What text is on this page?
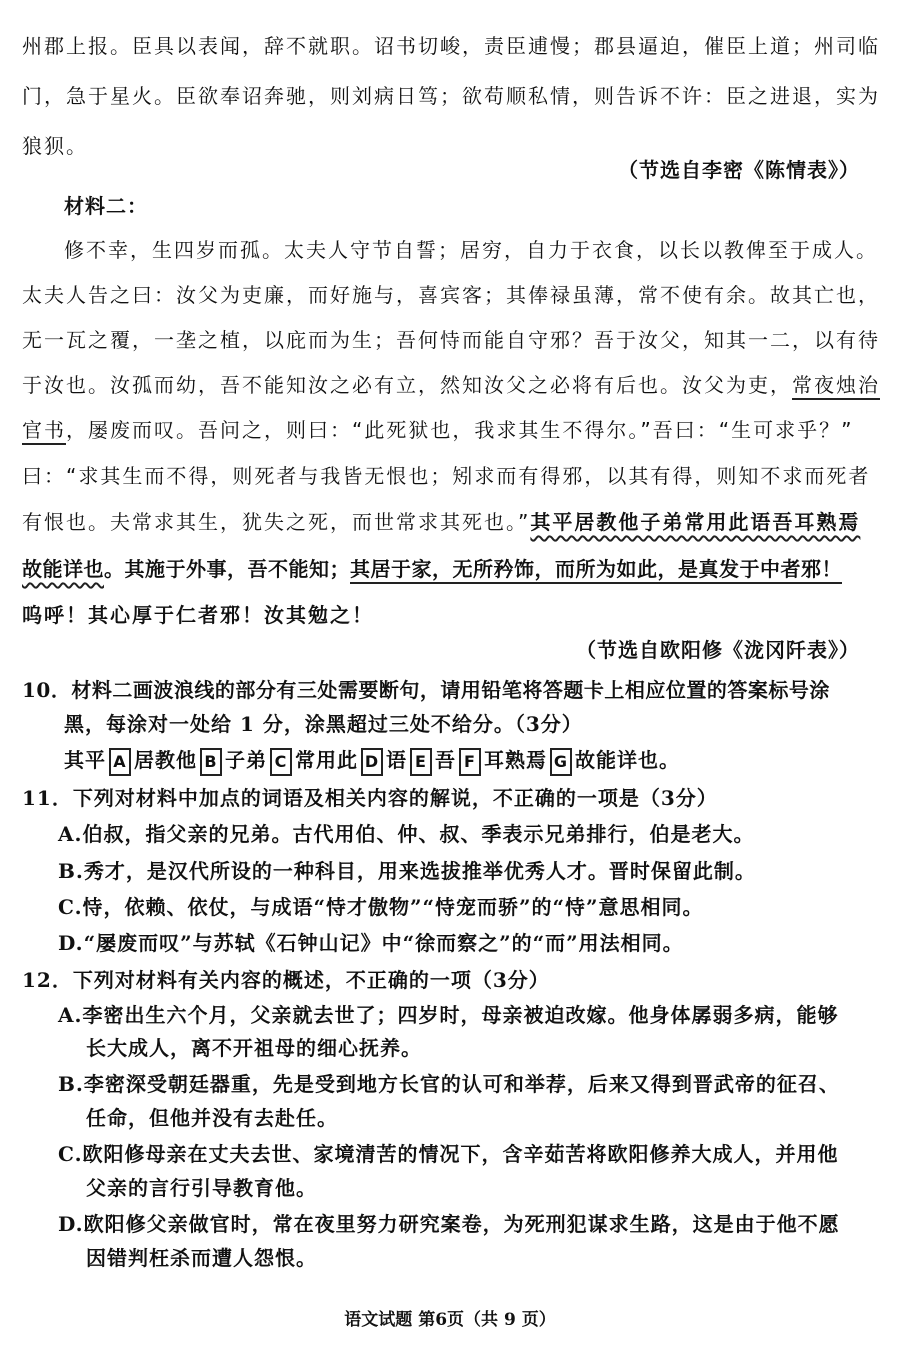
州郡上报。臣具以表闻，辞不就职。诏书切峻，责臣逋慢；郡县逼迫，催臣上道；州司临
门，急于星火。臣欲奉诏奔驰，则刘病日笃；欲苟顺私情，则告诉不许：臣之进退，实为
狼狈。
（节选自李密《陈情表》）
材料二：
修不幸，生四岁而孤。太夫人守节自誓；居穷，自力于衣食，以长以教俾至于成人。
太夫人告之曰：汝父为吏廉，而好施与，喜宾客；其俸禄虽薄，常不使有余。故其亡也，
无一瓦之覆，一垄之植，以庇而为生；吾何恃而能自守邪？吾于汝父，知其一二，以有待
于汝也。汝孤而幼，吾不能知汝之必有立，然知汝父之必将有后也。汝父为吏，常夜烛治
官书，屡废而叹。吾问之，则曰：“此死狱也，我求其生不得尔。”吾曰：“生可求乎？”
曰：“求其生而不得，则死者与我皆无恨也；矧求而有得邪，以其有得，则知不求而死者
有恨也。夫常求其生，犹失之死，而世常求其死也。”其平居教他子弟常用此语吾耳熟焉
故能详也。其施于外事，吾不能知；其居于家，无所矜饰，而所为如此，是真发于中者邪！
呜呼！其心厚于仁者邪！汝其勉之！
（节选自欧阳修《泷冈阡表》）
10．材料二画波浪线的部分有三处需要断句，请用铅笔将答题卡上相应位置的答案标号涂
黑，每涂对一处给 1 分，涂黑超过三处不给分。（3分）
其平 A 居教他 B 子弟 C 常用此 D 语 E 吾 F 耳熟焉 G 故能详也。
11．下列对材料中加点的词语及相关内容的解说，不正确的一项是（3分）
A.伯叔，指父亲的兄弟。古代用伯、仲、叔、季表示兄弟排行，伯是老大。
B.秀才，是汉代所设的一种科目，用来选拔推举优秀人才。晋时保留此制。
C.恃，依赖、依仗，与成语“恃才傲物”“恃宠而骄”的“恃”意思相同。
D.“屡废而叹”与苏轼《石钟山记》中“徐而察之”的“而”用法相同。
12．下列对材料有关内容的概述，不正确的一项（3分）
A.李密出生六个月，父亲就去世了；四岁时，母亲被迫改嫁。他身体孱弱多病，能够
长大成人，离不开祖母的细心抚养。
B.李密深受朝廷器重，先是受到地方长官的认可和举荐，后来又得到晋武帝的征召、
任命，但他并没有去赴任。
C.欧阳修母亲在丈夫去世、家境清苦的情况下，含辛茹苦将欧阳修养大成人，并用他
父亲的言行引导教育他。
D.欧阳修父亲做官时，常在夜里努力研究案卷，为死刑犯谋求生路，这是由于他不愿
因错判枉杀而遭人怨恨。
语文试题 第6页（共 9 页）
